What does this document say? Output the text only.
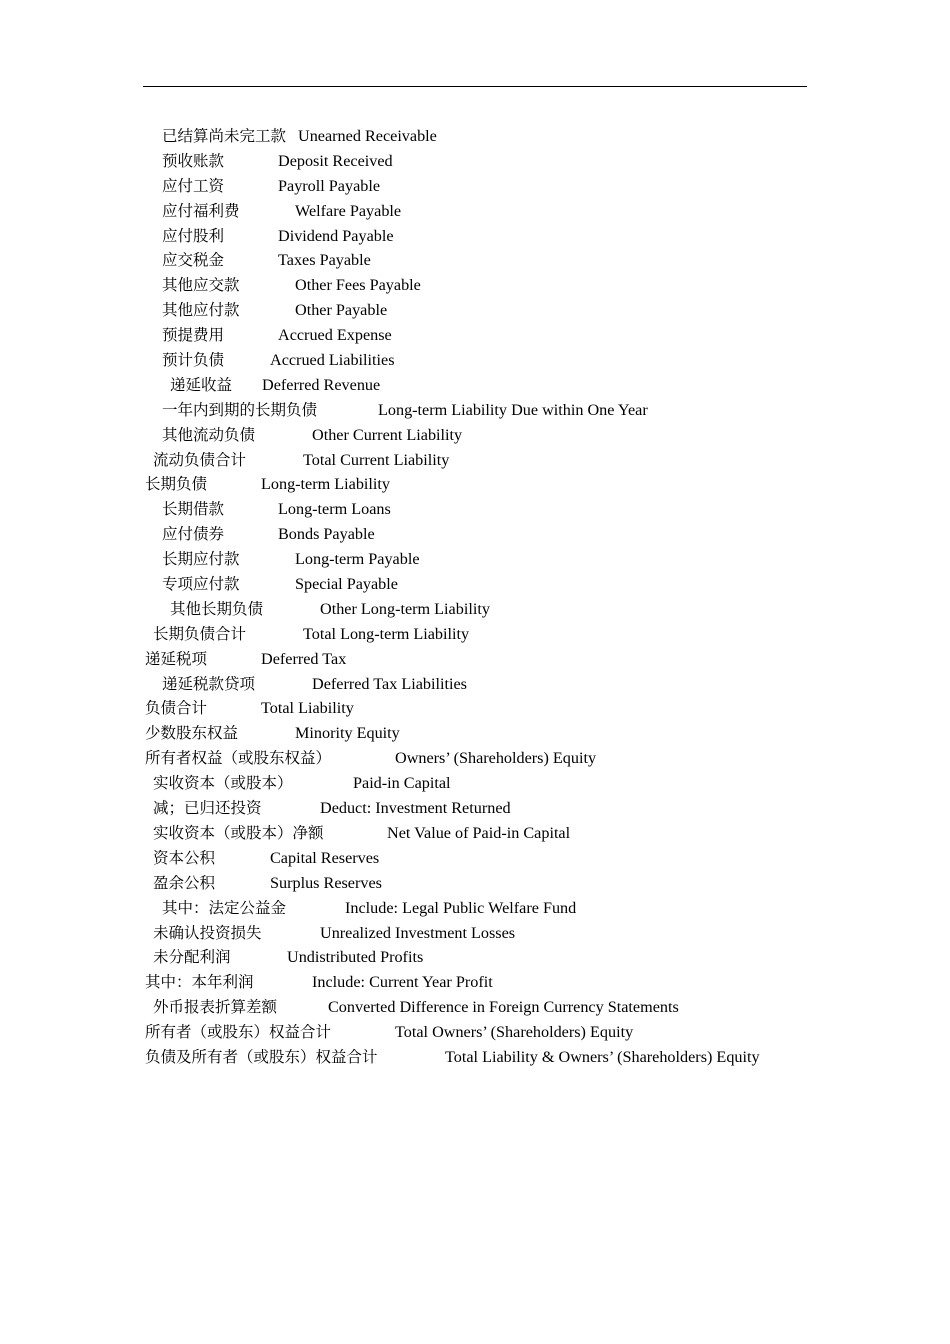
已结算尚未完工款 Unearned Receivable
预收账款	Deposit Received
应付工资	Payroll Payable
应付福利费	Welfare Payable
应付股利	Dividend Payable
应交税金	Taxes Payable
其他应交款	Other Fees Payable
其他应付款	Other Payable
预提费用	Accrued Expense
预计负债	Accrued Liabilities
递延收益 Deferred Revenue
一年内到期的长期负债	Long-term Liability Due within One Year
其他流动负债	Other Current Liability
流动负债合计	Total Current Liability
长期负债	Long-term Liability
长期借款	Long-term Loans
应付债券	Bonds Payable
长期应付款	Long-term Payable
专项应付款	Special Payable
其他长期负债	Other Long-term Liability
长期负债合计	Total Long-term Liability
递延税项	Deferred Tax
递延税款贷项	Deferred Tax Liabilities
负债合计	Total Liability
少数股东权益	Minority Equity
所有者权益（或股东权益）	Owners’ (Shareholders) Equity
实收资本（或股本）	Paid-in Capital
减；已归还投资	Deduct: Investment Returned
实收资本（或股本）净额	Net Value of Paid-in Capital
资本公积	Capital Reserves
盈余公积	Surplus Reserves
其中：法定公益金	Include: Legal Public Welfare Fund
未确认投资损失	Unrealized Investment Losses
未分配利润	Undistributed Profits
其中：本年利润	Include: Current Year Profit
外币报表折算差额	Converted Difference in Foreign Currency Statements
所有者（或股东）权益合计	Total Owners’ (Shareholders) Equity
负债及所有者（或股东）权益合计	Total Liability & Owners’ (Shareholders) Equity
